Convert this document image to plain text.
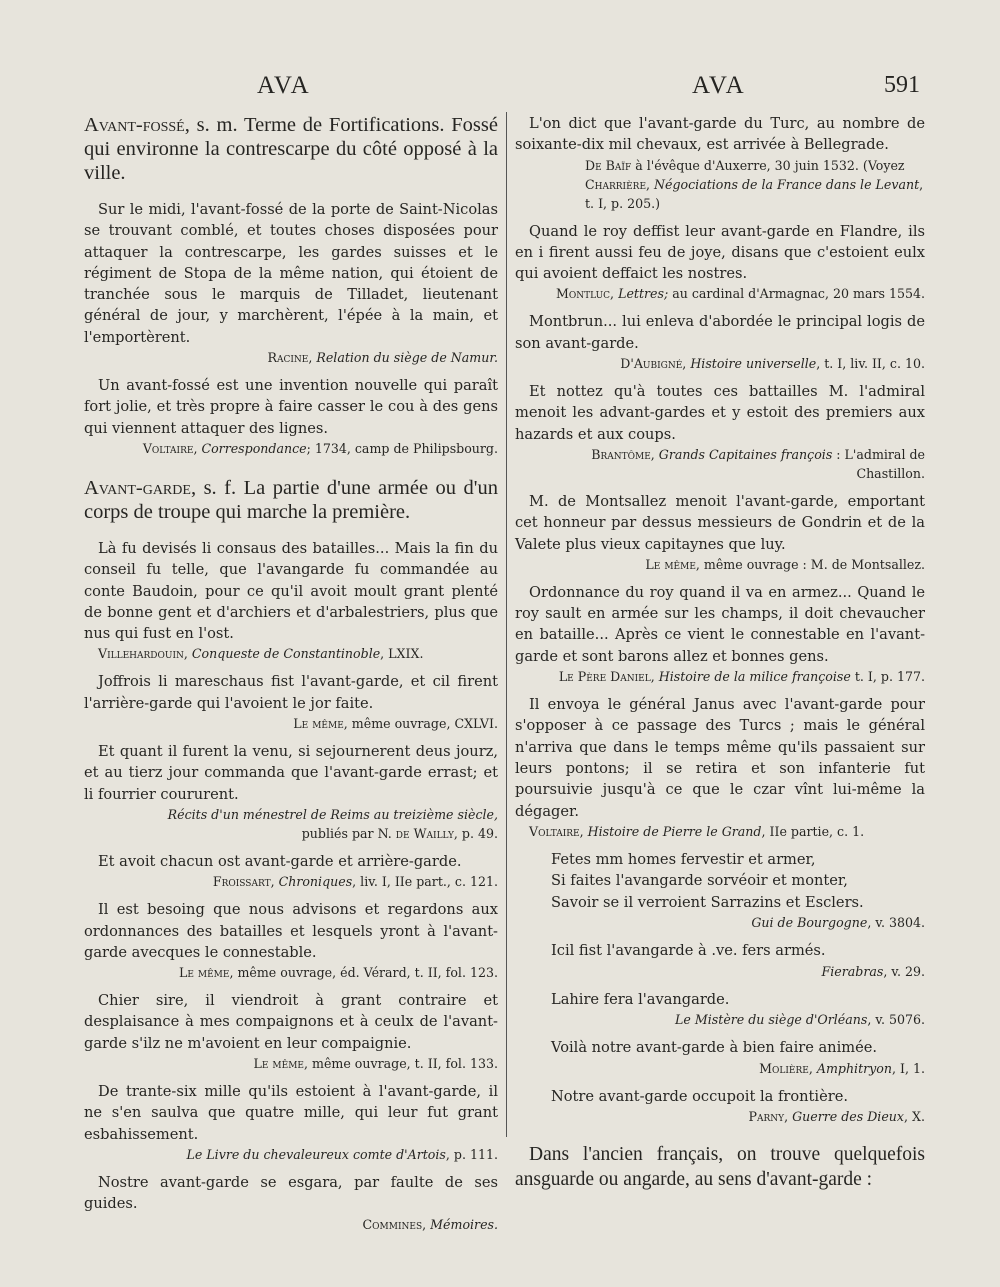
AVA	AVA	591

Avant-fossé, s. m. Terme de Fortifications. Fossé qui environne la contrescarpe du côté opposé à la ville.

Sur le midi, l'avant-fossé de la porte de Saint-Nicolas se trouvant comblé, et toutes choses disposées pour attaquer la contrescarpe, les gardes suisses et le régiment de Stopa de la même nation, qui étoient de tranchée sous le marquis de Tilladet, lieutenant général de jour, y marchèrent, l'épée à la main, et l'emportèrent.

Racine, Relation du siège de Namur.

Un avant-fossé est une invention nouvelle qui paraît fort jolie, et très propre à faire casser le cou à des gens qui viennent attaquer des lignes.

Voltaire, Correspondance; 1734, camp de Philipsbourg.

Avant-garde, s. f. La partie d'une armée ou d'un corps de troupe qui marche la première.

Là fu devisés li consaus des batailles... Mais la fin du conseil fu telle, que l'avangarde fu commandée au conte Baudoin, pour ce qu'il avoit moult grant plenté de bonne gent et d'archiers et d'arbalestriers, plus que nus qui fust en l'ost.

Villehardouin, Conqueste de Constantinoble, LXIX.

Joffrois li mareschaus fist l'avant-garde, et cil firent l'arrière-garde qui l'avoient le jor faite.

Le même, même ouvrage, CXLVI.

Et quant il furent la venu, si sejournerent deus jourz, et au tierz jour commanda que l'avant-garde errast; et li fourrier coururent.

Récits d'un ménestrel de Reims au treizième siècle, publiés par N. de Wailly, p. 49.

Et avoit chacun ost avant-garde et arrière-garde.

Froissart, Chroniques, liv. I, IIe part., c. 121.

Il est besoing que nous advisons et regardons aux ordonnances des batailles et lesquels yront à l'avant-garde avecques le connestable.

Le même, même ouvrage, éd. Vérard, t. II, fol. 123.

Chier sire, il viendroit à grant contraire et desplaisance à mes compaignons et à ceulx de l'avant-garde s'ilz ne m'avoient en leur compaignie.

Le même, même ouvrage, t. II, fol. 133.

De trante-six mille qu'ils estoient à l'avant-garde, il ne s'en saulva que quatre mille, qui leur fut grant esbahissement.

Le Livre du chevaleureux comte d'Artois, p. 111.

Nostre avant-garde se esgara, par faulte de ses guides.

Commines, Mémoires.

L'on dict que l'avant-garde du Turc, au nombre de soixante-dix mil chevaux, est arrivée à Bellegrade.

De Baïf à l'évêque d'Auxerre, 30 juin 1532. (Voyez Charrière, Négociations de la France dans le Levant, t. I, p. 205.)

Quand le roy deffist leur avant-garde en Flandre, ils en i firent aussi feu de joye, disans que c'estoient eulx qui avoient deffaict les nostres.

Montluc, Lettres; au cardinal d'Armagnac, 20 mars 1554.

Montbrun... lui enleva d'abordée le principal logis de son avant-garde.

D'Aubigné, Histoire universelle, t. I, liv. II, c. 10.

Et nottez qu'à toutes ces battailles M. l'admiral menoit les advant-gardes et y estoit des premiers aux hazards et aux coups.

Brantôme, Grands Capitaines françois : L'admiral de Chastillon.

M. de Montsallez menoit l'avant-garde, emportant cet honneur par dessus messieurs de Gondrin et de la Valete plus vieux capitaynes que luy.

Le même, même ouvrage : M. de Montsallez.

Ordonnance du roy quand il va en armez... Quand le roy sault en armée sur les champs, il doit chevaucher en bataille... Après ce vient le connestable en l'avant-garde et sont barons allez et bonnes gens.

Le Père Daniel, Histoire de la milice françoise t. I, p. 177.

Il envoya le général Janus avec l'avant-garde pour s'opposer à ce passage des Turcs ; mais le général n'arriva que dans le temps même qu'ils passaient sur leurs pontons; il se retira et son infanterie fut poursuivie jusqu'à ce que le czar vînt lui-même la dégager.

Voltaire, Histoire de Pierre le Grand, IIe partie, c. 1.

Fetes mm homes fervestir et armer,

Si faites l'avangarde sorvéoir et monter,

Savoir se il verroient Sarrazins et Esclers.

Gui de Bourgogne, v. 3804.

Icil fist l'avangarde à .ve. fers armés.

Fierabras, v. 29.

Lahire fera l'avangarde.

Le Mistère du siège d'Orléans, v. 5076.

Voilà notre avant-garde à bien faire animée.

Molière, Amphitryon, I, 1.

Notre avant-garde occupoit la frontière.

Parny, Guerre des Dieux, X.

Dans l'ancien français, on trouve quelquefois ansguarde ou angarde, au sens d'avant-garde :
